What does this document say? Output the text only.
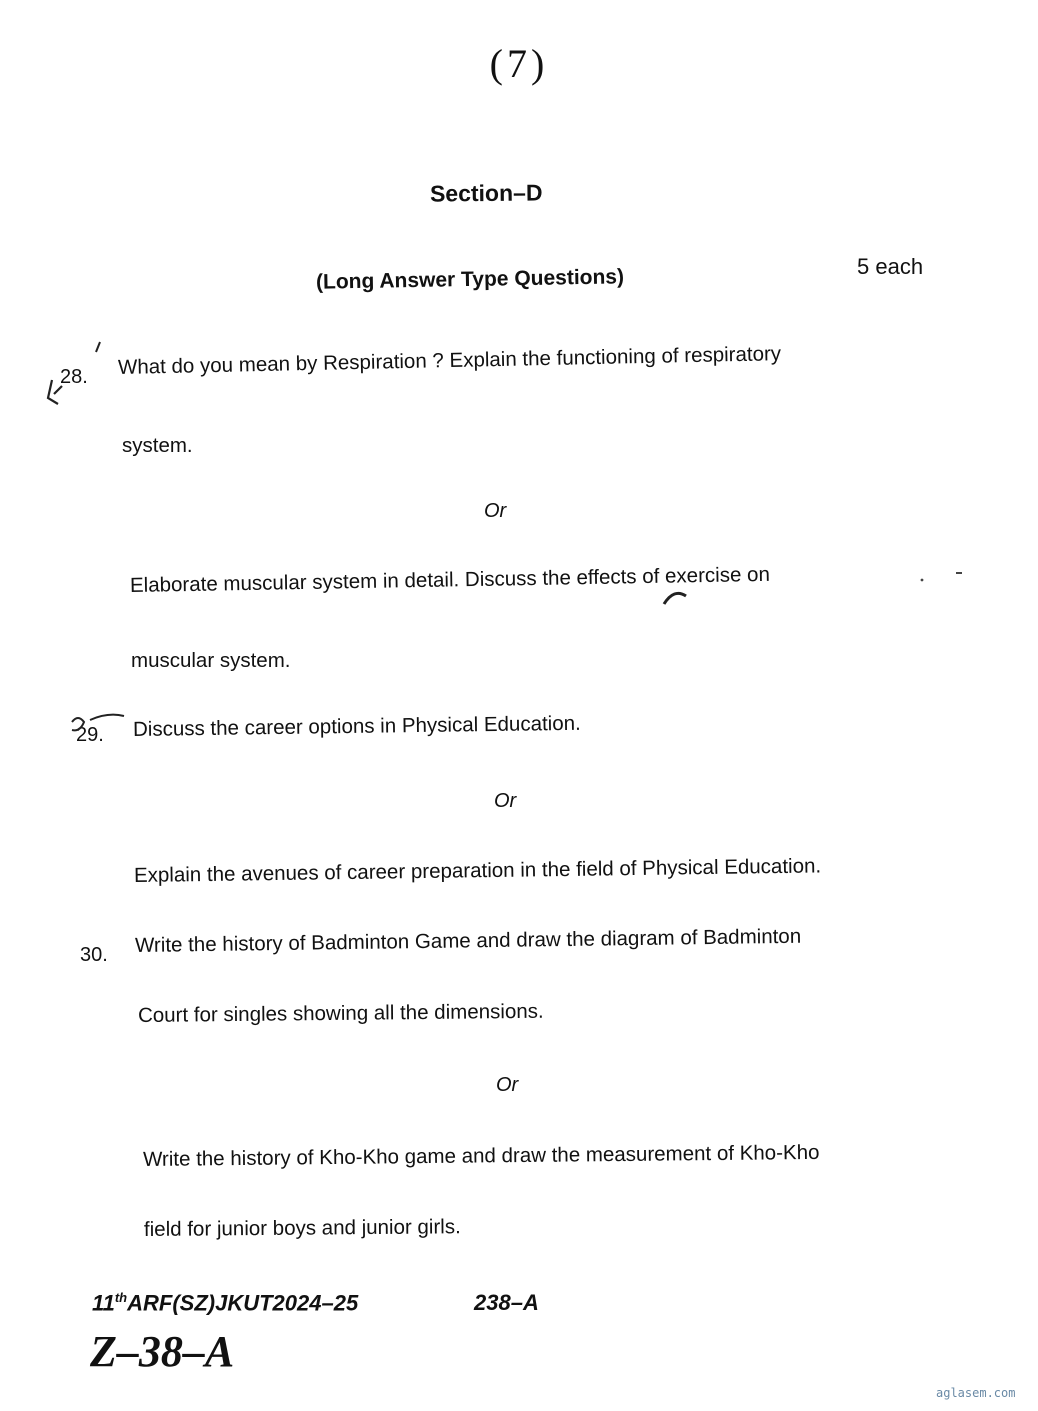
(7)
Section–D
(Long Answer Type Questions)	5 each
28. What do you mean by Respiration ? Explain the functioning of respiratory
system.
Or
Elaborate muscular system in detail. Discuss the effects of exercise on
muscular system.
29. Discuss the career options in Physical Education.
Or
Explain the avenues of career preparation in the field of Physical Education.
30. Write the history of Badminton Game and draw the diagram of Badminton
Court for singles showing all the dimensions.
Or
Write the history of Kho-Kho game and draw the measurement of Kho-Kho
field for junior boys and junior girls.
11thARF(SZ)JKUT2024–25	238–A
Z–38–A
aglasem.com
